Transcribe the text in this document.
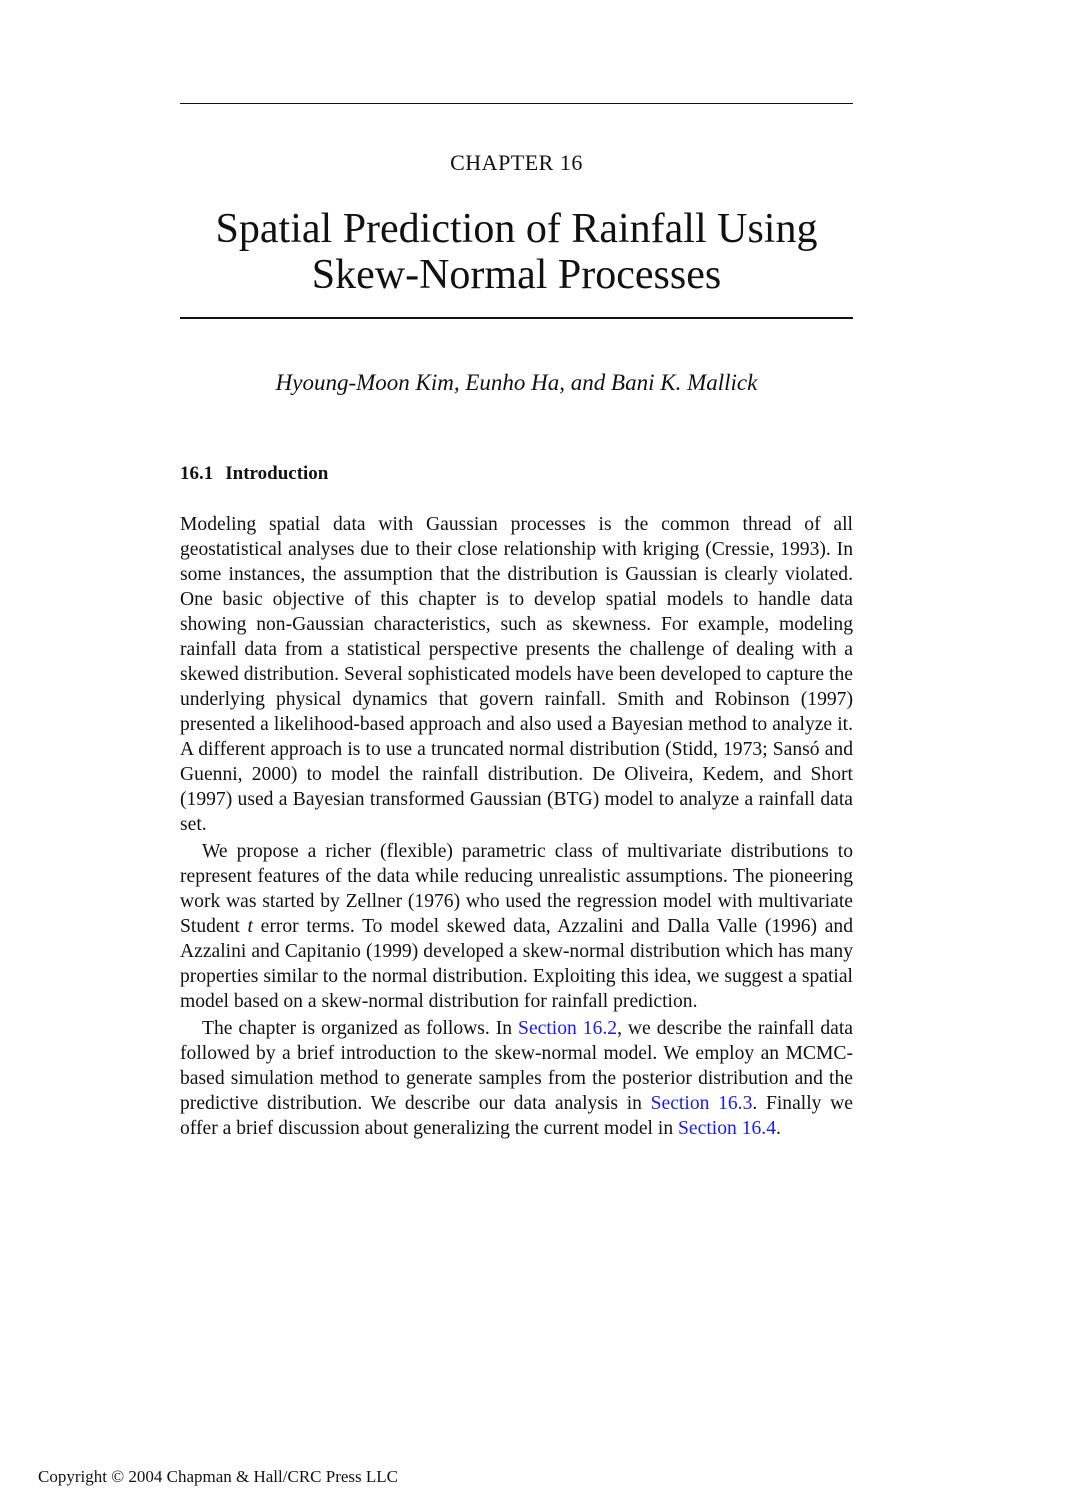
CHAPTER 16
Spatial Prediction of Rainfall Using
Skew-Normal Processes
Hyoung-Moon Kim, Eunho Ha, and Bani K. Mallick
16.1 Introduction

Modeling spatial data with Gaussian processes is the common thread of all geostatistical analyses due to their close relationship with kriging (Cressie, 1993). In some instances, the assumption that the distribution is Gaussian is clearly violated. One basic objective of this chapter is to develop spatial models to handle data showing non-Gaussian characteristics, such as skewness. For example, modeling rainfall data from a statistical perspective presents the challenge of dealing with a skewed distribution. Several sophisticated models have been developed to capture the underlying physical dynamics that govern rainfall. Smith and Robinson (1997) presented a likelihood-based approach and also used a Bayesian method to analyze it. A different approach is to use a truncated normal distribution (Stidd, 1973; Sansó and Guenni, 2000) to model the rainfall distribution. De Oliveira, Kedem, and Short (1997) used a Bayesian transformed Gaussian (BTG) model to analyze a rainfall data set.

We propose a richer (flexible) parametric class of multivariate distributions to represent features of the data while reducing unrealistic assumptions. The pioneering work was started by Zellner (1976) who used the regression model with multivariate Student t error terms. To model skewed data, Azzalini and Dalla Valle (1996) and Azzalini and Capitanio (1999) developed a skew-normal distribution which has many properties similar to the normal distribution. Exploiting this idea, we suggest a spatial model based on a skew-normal distribution for rainfall prediction.

The chapter is organized as follows. In Section 16.2, we describe the rainfall data followed by a brief introduction to the skew-normal model. We employ an MCMC-based simulation method to generate samples from the posterior distribution and the predictive distribution. We describe our data analysis in Section 16.3. Finally we offer a brief discussion about generalizing the current model in Section 16.4.

Copyright © 2004 Chapman & Hall/CRC Press LLC
